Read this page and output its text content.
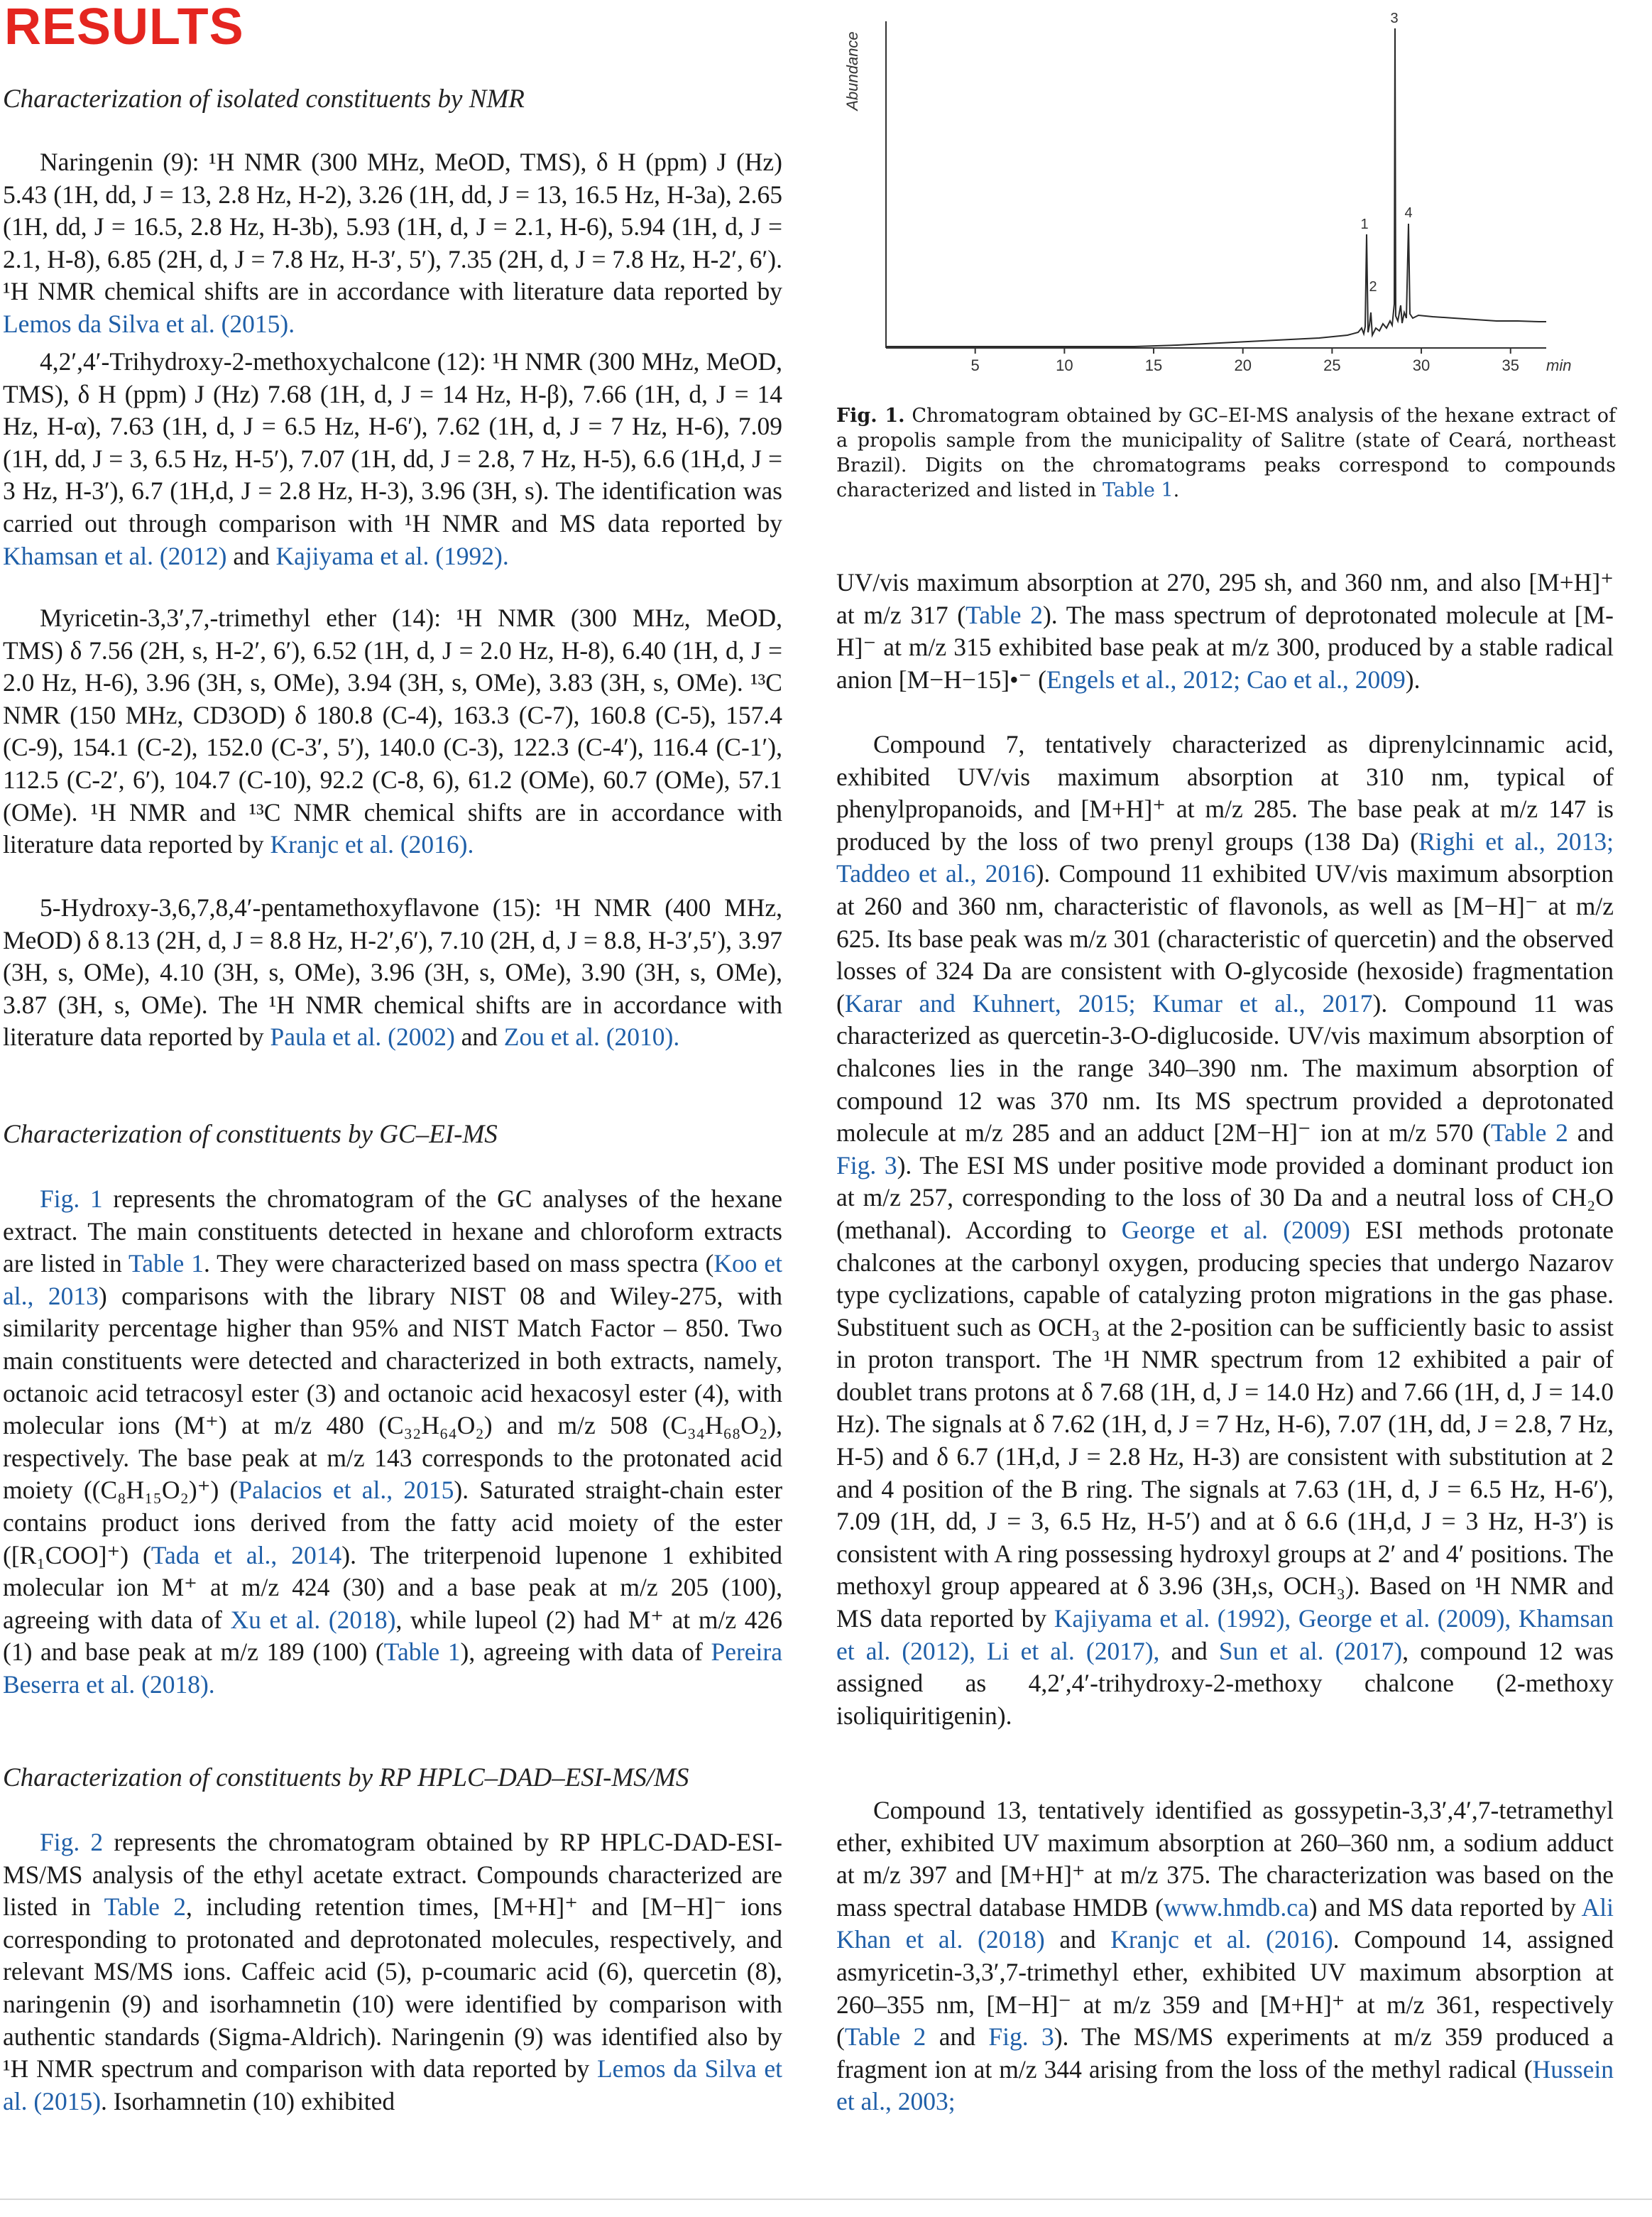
RESULTS
Characterization of isolated constituents by NMR

Naringenin (9): ¹H NMR (300 MHz, MeOD, TMS), δ H (ppm) J (Hz) 5.43 (1H, dd, J = 13, 2.8 Hz, H-2), 3.26 (1H, dd, J = 13, 16.5 Hz, H-3a), 2.65 (1H, dd, J = 16.5, 2.8 Hz, H-3b), 5.93 (1H, d, J = 2.1, H-6), 5.94 (1H, d, J = 2.1, H-8), 6.85 (2H, d, J = 7.8 Hz, H-3′, 5′), 7.35 (2H, d, J = 7.8 Hz, H-2′, 6′). ¹H NMR chemical shifts are in accordance with literature data reported by Lemos da Silva et al. (2015).

4,2′,4′-Trihydroxy-2-methoxychalcone (12): ¹H NMR (300 MHz, MeOD, TMS), δ H (ppm) J (Hz) 7.68 (1H, d, J = 14 Hz, H-β), 7.66 (1H, d, J = 14 Hz, H-α), 7.63 (1H, d, J = 6.5 Hz, H-6′), 7.62 (1H, d, J = 7 Hz, H-6), 7.09 (1H, dd, J = 3, 6.5 Hz, H-5′), 7.07 (1H, dd, J = 2.8, 7 Hz, H-5), 6.6 (1H,d, J = 3 Hz, H-3′), 6.7 (1H,d, J = 2.8 Hz, H-3), 3.96 (3H, s). The identification was carried out through comparison with ¹H NMR and MS data reported by Khamsan et al. (2012) and Kajiyama et al. (1992).

Myricetin-3,3′,7,-trimethyl ether (14): ¹H NMR (300 MHz, MeOD, TMS) δ 7.56 (2H, s, H-2′, 6′), 6.52 (1H, d, J = 2.0 Hz, H-8), 6.40 (1H, d, J = 2.0 Hz, H-6), 3.96 (3H, s, OMe), 3.94 (3H, s, OMe), 3.83 (3H, s, OMe). ¹³C NMR (150 MHz, CD3OD) δ 180.8 (C-4), 163.3 (C-7), 160.8 (C-5), 157.4 (C-9), 154.1 (C-2), 152.0 (C-3′, 5′), 140.0 (C-3), 122.3 (C-4′), 116.4 (C-1′), 112.5 (C-2′, 6′), 104.7 (C-10), 92.2 (C-8, 6), 61.2 (OMe), 60.7 (OMe), 57.1 (OMe). ¹H NMR and ¹³C NMR chemical shifts are in accordance with literature data reported by Kranjc et al. (2016).

5-Hydroxy-3,6,7,8,4′-pentamethoxyflavone (15): ¹H NMR (400 MHz, MeOD) δ 8.13 (2H, d, J = 8.8 Hz, H-2′,6′), 7.10 (2H, d, J = 8.8, H-3′,5′), 3.97 (3H, s, OMe), 4.10 (3H, s, OMe), 3.96 (3H, s, OMe), 3.90 (3H, s, OMe), 3.87 (3H, s, OMe). The ¹H NMR chemical shifts are in accordance with literature data reported by Paula et al. (2002) and Zou et al. (2010).

Characterization of constituents by GC–EI-MS

Fig. 1 represents the chromatogram of the GC analyses of the hexane extract. The main constituents detected in hexane and chloroform extracts are listed in Table 1. They were characterized based on mass spectra (Koo et al., 2013) comparisons with the library NIST 08 and Wiley-275, with similarity percentage higher than 95% and NIST Match Factor – 850. Two main constituents were detected and characterized in both extracts, namely, octanoic acid tetracosyl ester (3) and octanoic acid hexacosyl ester (4), with molecular ions (M⁺) at m/z 480 (C₃₂H₆₄O₂) and m/z 508 (C₃₄H₆₈O₂), respectively. The base peak at m/z 143 corresponds to the protonated acid moiety ((C₈H₁₅O₂)⁺) (Palacios et al., 2015). Saturated straight-chain ester contains product ions derived from the fatty acid moiety of the ester ([R₁COO]⁺) (Tada et al., 2014). The triterpenoid lupenone 1 exhibited molecular ion M⁺ at m/z 424 (30) and a base peak at m/z 205 (100), agreeing with data of Xu et al. (2018), while lupeol (2) had M⁺ at m/z 426 (1) and base peak at m/z 189 (100) (Table 1), agreeing with data of Pereira Beserra et al. (2018).

Characterization of constituents by RP HPLC–DAD–ESI-MS/MS

Fig. 2 represents the chromatogram obtained by RP HPLC-DAD-ESI-MS/MS analysis of the ethyl acetate extract. Compounds characterized are listed in Table 2, including retention times, [M+H]⁺ and [M−H]⁻ ions corresponding to protonated and deprotonated molecules, respectively, and relevant MS/MS ions. Caffeic acid (5), p-coumaric acid (6), quercetin (8), naringenin (9) and isorhamnetin (10) were identified by comparison with authentic standards (Sigma-Aldrich). Naringenin (9) was identified also by ¹H NMR spectrum and comparison with data reported by Lemos da Silva et al. (2015). Isorhamnetin (10) exhibited

Abundance
5	10	15	20	25	30	35 min
1
2
3
4

Fig. 1. Chromatogram obtained by GC–EI-MS analysis of the hexane extract of a propolis sample from the municipality of Salitre (state of Ceará, northeast Brazil). Digits on the chromatograms peaks correspond to compounds characterized and listed in Table 1.

UV/vis maximum absorption at 270, 295 sh, and 360 nm, and also [M+H]⁺ at m/z 317 (Table 2). The mass spectrum of deprotonated molecule at [M-H]⁻ at m/z 315 exhibited base peak at m/z 300, produced by a stable radical anion [M−H−15]•⁻ (Engels et al., 2012; Cao et al., 2009).

Compound 7, tentatively characterized as diprenylcinnamic acid, exhibited UV/vis maximum absorption at 310 nm, typical of phenylpropanoids, and [M+H]⁺ at m/z 285. The base peak at m/z 147 is produced by the loss of two prenyl groups (138 Da) (Righi et al., 2013; Taddeo et al., 2016). Compound 11 exhibited UV/vis maximum absorption at 260 and 360 nm, characteristic of flavonols, as well as [M−H]⁻ at m/z 625. Its base peak was m/z 301 (characteristic of quercetin) and the observed losses of 324 Da are consistent with O-glycoside (hexoside) fragmentation (Karar and Kuhnert, 2015; Kumar et al., 2017). Compound 11 was characterized as quercetin-3-O-diglucoside. UV/vis maximum absorption of chalcones lies in the range 340–390 nm. The maximum absorption of compound 12 was 370 nm. Its MS spectrum provided a deprotonated molecule at m/z 285 and an adduct [2M−H]⁻ ion at m/z 570 (Table 2 and Fig. 3). The ESI MS under positive mode provided a dominant product ion at m/z 257, corresponding to the loss of 30 Da and a neutral loss of CH₂O (methanal). According to George et al. (2009) ESI methods protonate chalcones at the carbonyl oxygen, producing species that undergo Nazarov type cyclizations, capable of catalyzing proton migrations in the gas phase. Substituent such as OCH₃ at the 2-position can be sufficiently basic to assist in proton transport. The ¹H NMR spectrum from 12 exhibited a pair of doublet trans protons at δ 7.68 (1H, d, J = 14.0 Hz) and 7.66 (1H, d, J = 14.0 Hz). The signals at δ 7.62 (1H, d, J = 7 Hz, H-6), 7.07 (1H, dd, J = 2.8, 7 Hz, H-5) and δ 6.7 (1H,d, J = 2.8 Hz, H-3) are consistent with substitution at 2 and 4 position of the B ring. The signals at 7.63 (1H, d, J = 6.5 Hz, H-6′), 7.09 (1H, dd, J = 3, 6.5 Hz, H-5′) and at δ 6.6 (1H,d, J = 3 Hz, H-3′) is consistent with A ring possessing hydroxyl groups at 2′ and 4′ positions. The methoxyl group appeared at δ 3.96 (3H,s, OCH₃). Based on ¹H NMR and MS data reported by Kajiyama et al. (1992), George et al. (2009), Khamsan et al. (2012), Li et al. (2017), and Sun et al. (2017), compound 12 was assigned as 4,2′,4′-trihydroxy-2-methoxy chalcone (2-methoxy isoliquiritigenin).

Compound 13, tentatively identified as gossypetin-3,3′,4′,7-tetramethyl ether, exhibited UV maximum absorption at 260–360 nm, a sodium adduct at m/z 397 and [M+H]⁺ at m/z 375. The characterization was based on the mass spectral database HMDB (www.hmdb.ca) and MS data reported by Ali Khan et al. (2018) and Kranjc et al. (2016). Compound 14, assigned asmyricetin-3,3′,7-trimethyl ether, exhibited UV maximum absorption at 260–355 nm, [M−H]⁻ at m/z 359 and [M+H]⁺ at m/z 361, respectively (Table 2 and Fig. 3). The MS/MS experiments at m/z 359 produced a fragment ion at m/z 344 arising from the loss of the methyl radical (Hussein et al., 2003;
